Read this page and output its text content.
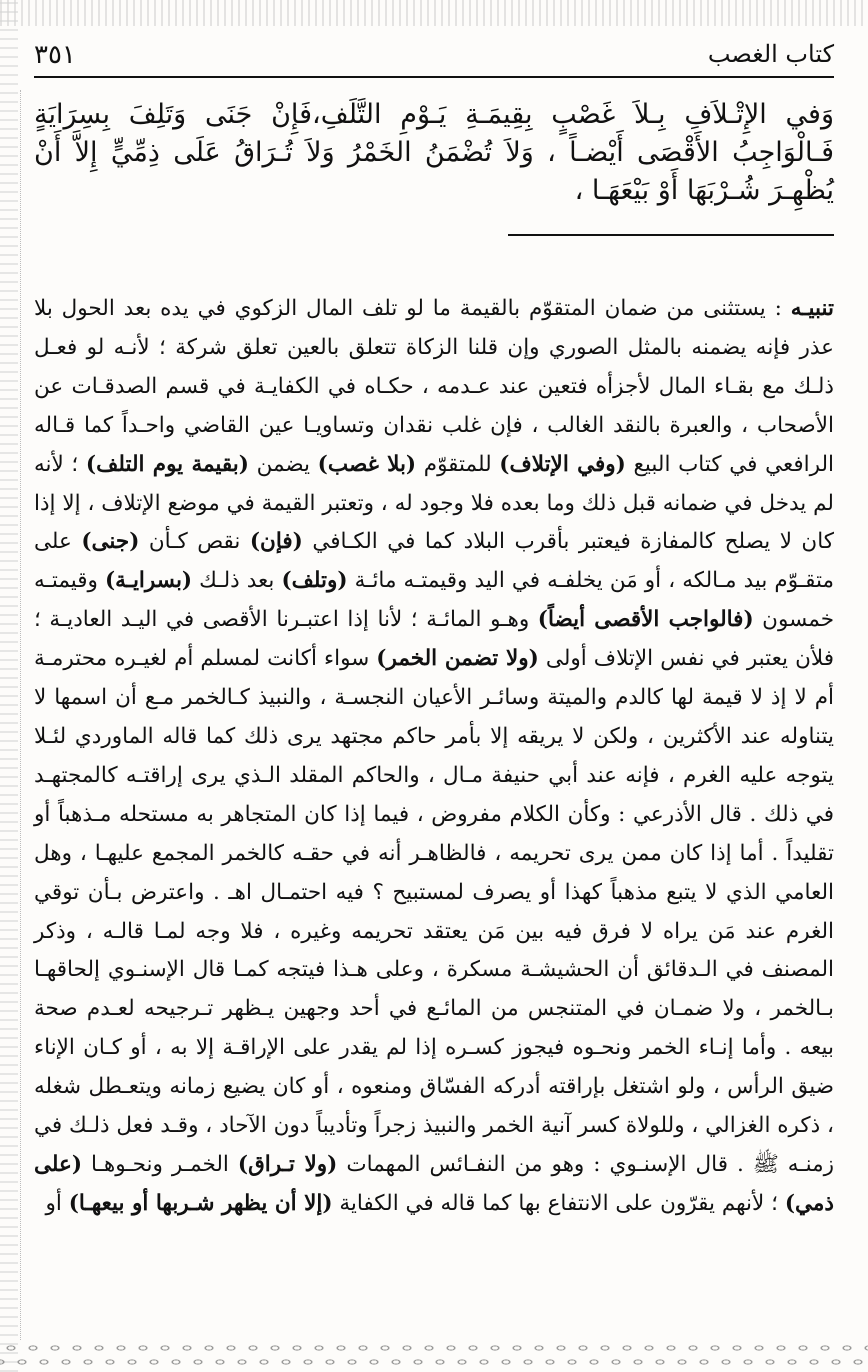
كتاب الغصب
٣٥١
وَفي الإِتْـلاَفِ بِـلاَ غَصْبٍ بِقِيمَـةِ يَـوْمِ التَّلَفِ،فَإِنْ جَنَى وَتَلِفَ بِسِرَايَةٍ فَـالْوَاجِبُ الأَقْصَى أَيْضـاً ، وَلاَ تُضْمَنُ الخَمْرُ وَلاَ تُـرَاقُ عَلَى ذِمِّيٍّ إِلاَّ أَنْ يُظْهِـرَ شُـرْبَهَا أَوْ بَيْعَهَـا ،
تنبيـه : يستثنى من ضمان المتقوّم بالقيمة ما لو تلف المال الزكوي في يده بعد الحول بلا عذر فإنه يضمنه بالمثل الصوري وإن قلنا الزكاة تتعلق بالعين تعلق شركة ؛ لأنـه لو فعـل ذلـك مع بقـاء المال لأجزأه فتعين عند عـدمه ، حكـاه في الكفايـة في قسم الصدقـات عن الأصحاب ، والعبرة بالنقد الغالب ، فإن غلب نقدان وتساويـا عين القاضي واحـداً كما قـاله الرافعي في كتاب البيع (وفي الإتلاف) للمتقوّم (بلا غصب) يضمن (بقيمة يوم التلف) ؛ لأنه لم يدخل في ضمانه قبل ذلك وما بعده فلا وجود له ، وتعتبر القيمة في موضع الإتلاف ، إلا إذا كان لا يصلح كالمفازة فيعتبر بأقرب البلاد كما في الكـافي (فإن) نقص كـأن (جنى) على متقـوّم بيد مـالكه ، أو مَن يخلفـه في اليد وقيمتـه مائـة (وتلف) بعد ذلـك (بسرايـة) وقيمتـه خمسون (فالواجب الأقصى أيضاً) وهـو المائـة ؛ لأنا إذا اعتبـرنا الأقصى في اليـد العاديـة ؛ فلأن يعتبر في نفس الإتلاف أولى (ولا تضمن الخمر) سواء أكانت لمسلم أم لغيـره محترمـة أم لا إذ لا قيمة لها كالدم والميتة وسائـر الأعيان النجسـة ، والنبيذ كـالخمر مـع أن اسمها لا يتناوله عند الأكثرين ، ولكن لا يريقه إلا بأمر حاكم مجتهد يرى ذلك كما قاله الماوردي لئـلا يتوجه عليه الغرم ، فإنه عند أبي حنيفة مـال ، والحاكم المقلد الـذي يرى إراقتـه كالمجتهـد في ذلك . قال الأذرعي : وكأن الكلام مفروض ، فيما إذا كان المتجاهر به مستحله مـذهباً أو تقليداً . أما إذا كان ممن يرى تحريمه ، فالظاهـر أنه في حقـه كالخمر المجمع عليهـا ، وهل العامي الذي لا يتبع مذهباً كهذا أو يصرف لمستبيح ؟ فيه احتمـال اهـ . واعترض بـأن توقي الغرم عند مَن يراه لا فرق فيه بين مَن يعتقد تحريمه وغيره ، فلا وجه لمـا قالـه ، وذكر المصنف في الـدقائق أن الحشيشـة مسكرة ، وعلى هـذا فيتجه كمـا قال الإسنـوي إلحاقهـا بـالخمر ، ولا ضمـان في المتنجس من المائـع في أحد وجهين يـظهر تـرجيحه لعـدم صحة بيعه . وأما إنـاء الخمر ونحـوه فيجوز كسـره إذا لم يقدر على الإراقـة إلا به ، أو كـان الإناء ضيق الرأس ، ولو اشتغل بإراقته أدركه الفسّاق ومنعوه ، أو كان يضيع زمانه ويتعـطل شغله ، ذكره الغزالي ، وللولاة كسر آنية الخمر والنبيذ زجراً وتأديباً دون الآحاد ، وقـد فعل ذلـك في زمنـه ﷺ . قال الإسنـوي : وهو من النفـائس المهمات (ولا تـراق) الخمـر ونحـوهـا (على ذمي) ؛ لأنهم يقرّون على الانتفاع بها كما قاله في الكفاية (إلا أن يظهر شـربها أو بيعهـا) أو
